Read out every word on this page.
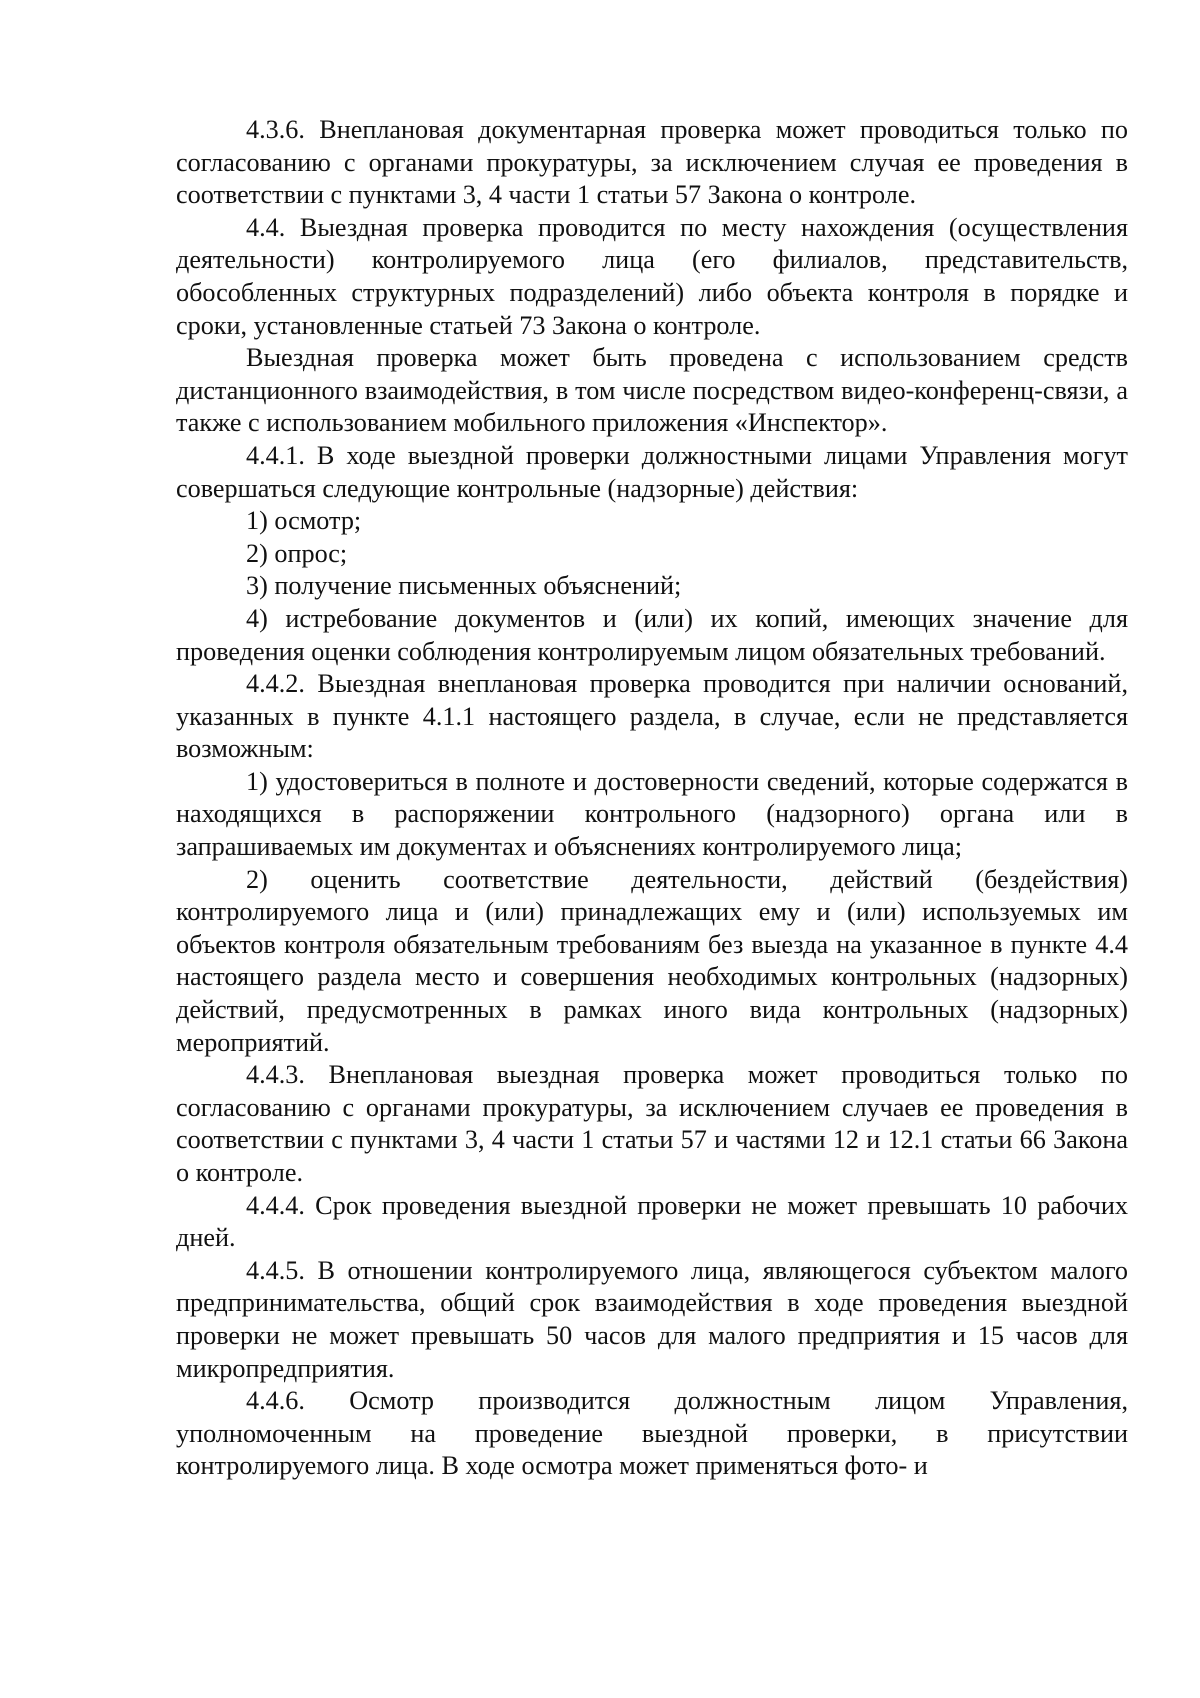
4.3.6. Внеплановая документарная проверка может проводиться только по согласованию с органами прокуратуры, за исключением случая ее проведения в соответствии с пунктами 3, 4 части 1 статьи 57 Закона о контроле.

4.4. Выездная проверка проводится по месту нахождения (осуществления деятельности) контролируемого лица (его филиалов, представительств, обособленных структурных подразделений) либо объекта контроля в порядке и сроки, установленные статьей 73 Закона о контроле.

Выездная проверка может быть проведена с использованием средств дистанционного взаимодействия, в том числе посредством видео-конференц-связи, а также с использованием мобильного приложения «Инспектор».

4.4.1. В ходе выездной проверки должностными лицами Управления могут совершаться следующие контрольные (надзорные) действия:

1) осмотр;

2) опрос;

3) получение письменных объяснений;

4) истребование документов и (или) их копий, имеющих значение для проведения оценки соблюдения контролируемым лицом обязательных требований.

4.4.2. Выездная внеплановая проверка проводится при наличии оснований, указанных в пункте 4.1.1 настоящего раздела, в случае, если не представляется возможным:

1) удостовериться в полноте и достоверности сведений, которые содержатся в находящихся в распоряжении контрольного (надзорного) органа или в запрашиваемых им документах и объяснениях контролируемого лица;

2) оценить соответствие деятельности, действий (бездействия) контролируемого лица и (или) принадлежащих ему и (или) используемых им объектов контроля обязательным требованиям без выезда на указанное в пункте 4.4 настоящего раздела место и совершения необходимых контрольных (надзорных) действий, предусмотренных в рамках иного вида контрольных (надзорных) мероприятий.

4.4.3. Внеплановая выездная проверка может проводиться только по согласованию с органами прокуратуры, за исключением случаев ее проведения в соответствии с пунктами 3, 4 части 1 статьи 57 и частями 12 и 12.1 статьи 66 Закона о контроле.

4.4.4. Срок проведения выездной проверки не может превышать 10 рабочих дней.

4.4.5. В отношении контролируемого лица, являющегося субъектом малого предпринимательства, общий срок взаимодействия в ходе проведения выездной проверки не может превышать 50 часов для малого предприятия и 15 часов для микропредприятия.

4.4.6. Осмотр производится должностным лицом Управления, уполномоченным на проведение выездной проверки, в присутствии контролируемого лица. В ходе осмотра может применяться фото- и
